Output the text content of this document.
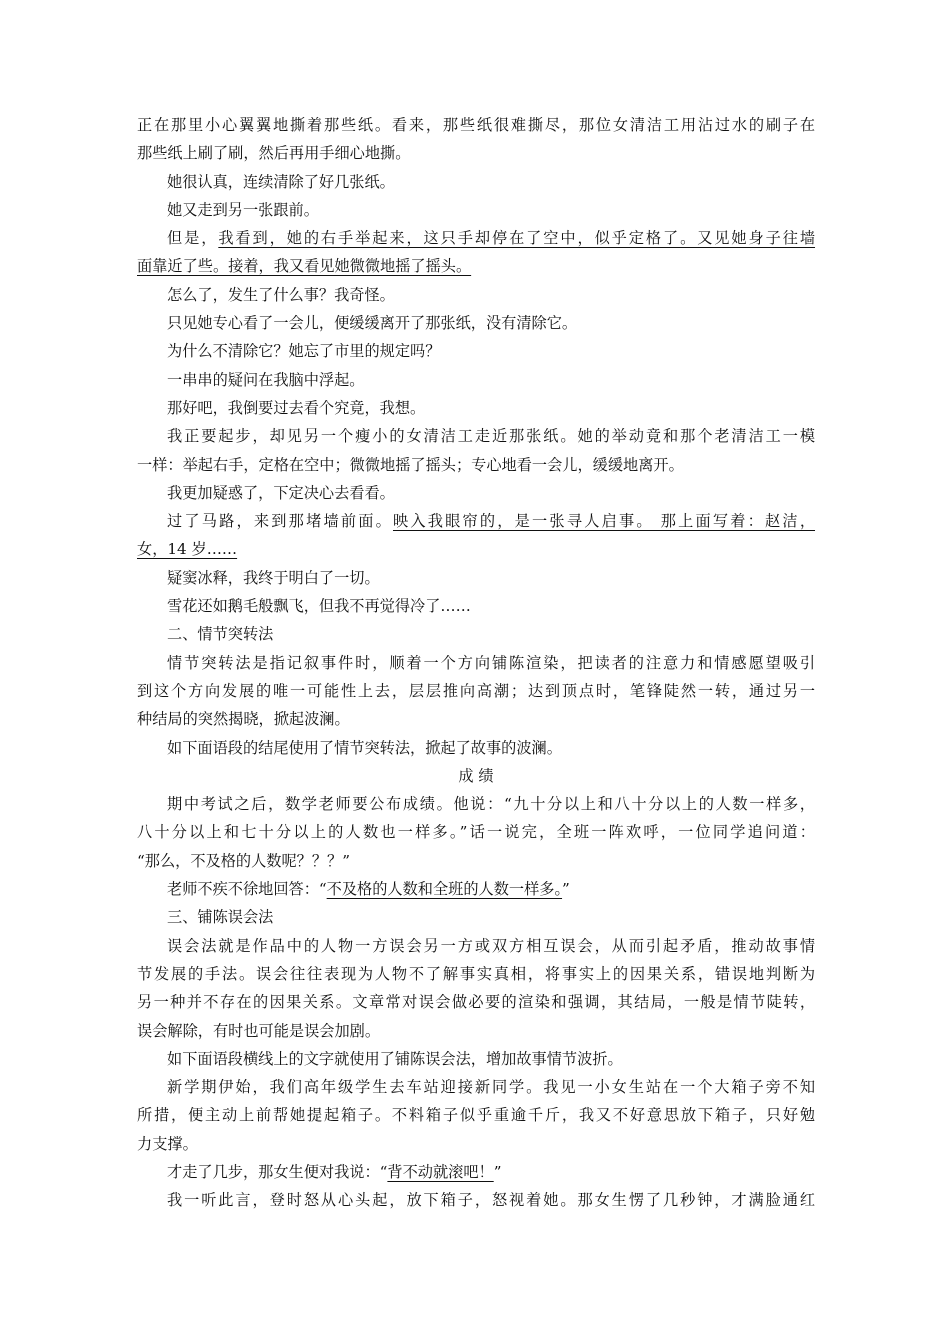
正在那里小心翼翼地撕着那些纸。看来，那些纸很难撕尽，那位女清洁工用沾过水的刷子在
那些纸上刷了刷，然后再用手细心地撕。
她很认真，连续清除了好几张纸。
她又走到另一张跟前。
但是，我看到，她的右手举起来，这只手却停在了空中，似乎定格了。又见她身子往墙
面靠近了些。接着，我又看见她微微地摇了摇头。
怎么了，发生了什么事？我奇怪。
只见她专心看了一会儿，便缓缓离开了那张纸，没有清除它。
为什么不清除它？她忘了市里的规定吗？
一串串的疑问在我脑中浮起。
那好吧，我倒要过去看个究竟，我想。
我正要起步，却见另一个瘦小的女清洁工走近那张纸。她的举动竟和那个老清洁工一模
一样：举起右手，定格在空中；微微地摇了摇头；专心地看一会儿，缓缓地离开。
我更加疑惑了，下定决心去看看。
过了马路，来到那堵墙前面。映入我眼帘的，是一张寻人启事。 那上面写着：赵洁，
女，14 岁……
疑窦冰释，我终于明白了一切。
雪花还如鹅毛般飘飞，但我不再觉得冷了……
二、情节突转法
情节突转法是指记叙事件时，顺着一个方向铺陈渲染，把读者的注意力和情感愿望吸引
到这个方向发展的唯一可能性上去，层层推向高潮；达到顶点时，笔锋陡然一转，通过另一
种结局的突然揭晓，掀起波澜。
如下面语段的结尾使用了情节突转法，掀起了故事的波澜。
成 绩
期中考试之后，数学老师要公布成绩。他说：“九十分以上和八十分以上的人数一样多，
八十分以上和七十分以上的人数也一样多。”话一说完，全班一阵欢呼，一位同学追问道：
“那么，不及格的人数呢？？？”
老师不疾不徐地回答：“不及格的人数和全班的人数一样多。”
三、铺陈误会法
误会法就是作品中的人物一方误会另一方或双方相互误会，从而引起矛盾，推动故事情
节发展的手法。误会往往表现为人物不了解事实真相，将事实上的因果关系，错误地判断为
另一种并不存在的因果关系。文章常对误会做必要的渲染和强调，其结局，一般是情节陡转，
误会解除，有时也可能是误会加剧。
如下面语段横线上的文字就使用了铺陈误会法，增加故事情节波折。
新学期伊始，我们高年级学生去车站迎接新同学。我见一小女生站在一个大箱子旁不知
所措，便主动上前帮她提起箱子。不料箱子似乎重逾千斤，我又不好意思放下箱子，只好勉
力支撑。
才走了几步，那女生便对我说：“背不动就滚吧！”
我一听此言，登时怒从心头起，放下箱子，怒视着她。那女生愣了几秒钟，才满脸通红
